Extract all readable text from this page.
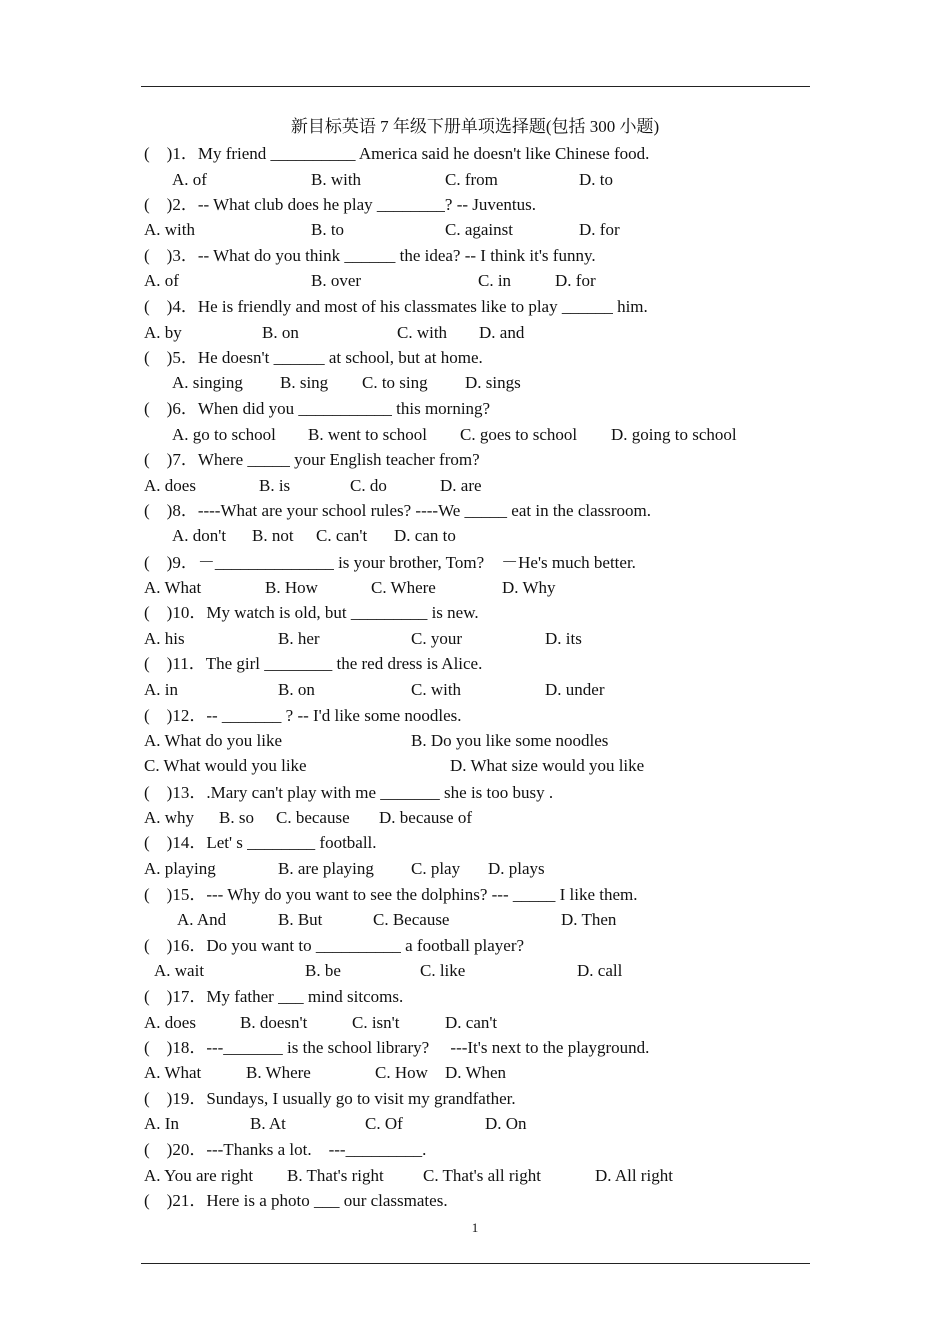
新目标英语 7 年级下册单项选择题(包括 300 小题)
(    )1．My friend __________ America said he doesn't like Chinese food.
A. of	B. with	C. from	D. to
(    )2．-- What club does he play ________? -- Juventus.
A. with	B. to	C. against	D. for
(    )3．-- What do you think ______ the idea? -- I think it's funny.
A. of	B. over	C. in	D. for
(    )4．He is friendly and most of his classmates like to play ______ him.
A. by	B. on	C. with D. and
(    )5．He doesn't ______ at school, but at home.
A. singing B. sing C. to sing D. sings
(    )6．When did you ___________ this morning?
A. go to school B. went to school C. goes to school D. going to school
(    )7．Where _____ your English teacher from?
A. does	B. is	C. do	D. are
(    )8．----What are your school rules? ----We _____ eat in the classroom.
A. don't B. not C. can't D. can to
(    )9．－______________ is your brother, Tom?    －He's much better.
A. What	B. How	C. Where	D. Why
(    )10．My watch is old, but _________ is new.
A. his	B. her	C. your	D. its
(    )11．The girl ________ the red dress is Alice.
A. in	B. on	C. with	D. under
(    )12．-- _______ ? -- I'd like some noodles.
A. What do you like	B. Do you like some noodles
C. What would you like	D. What size would you like
(    )13．.Mary can't play with me _______ she is too busy .
A. why B. so C. because D. because of
(    )14．Let' s ________ football.
A. playing	B. are playing C. play D. plays
(    )15．--- Why do you want to see the dolphins? --- _____ I like them.
A. And	B. But	C. Because	D. Then
(    )16．Do you want to __________ a football player?
A. wait	B. be	C. like	D. call
(    )17．My father ___ mind sitcoms.
A. does	B. doesn't	C. isn't	D. can't
(    )18．---_______ is the school library?     ---It's next to the playground.
A. What	B. Where	C. How D. When
(    )19．Sundays, I usually go to visit my grandfather.
A. In	B. At	C. Of	D. On
(    )20．---Thanks a lot.    ---_________.
A. You are right B. That's right C. That's all right	D. All right
(    )21．Here is a photo ___ our classmates.
1
